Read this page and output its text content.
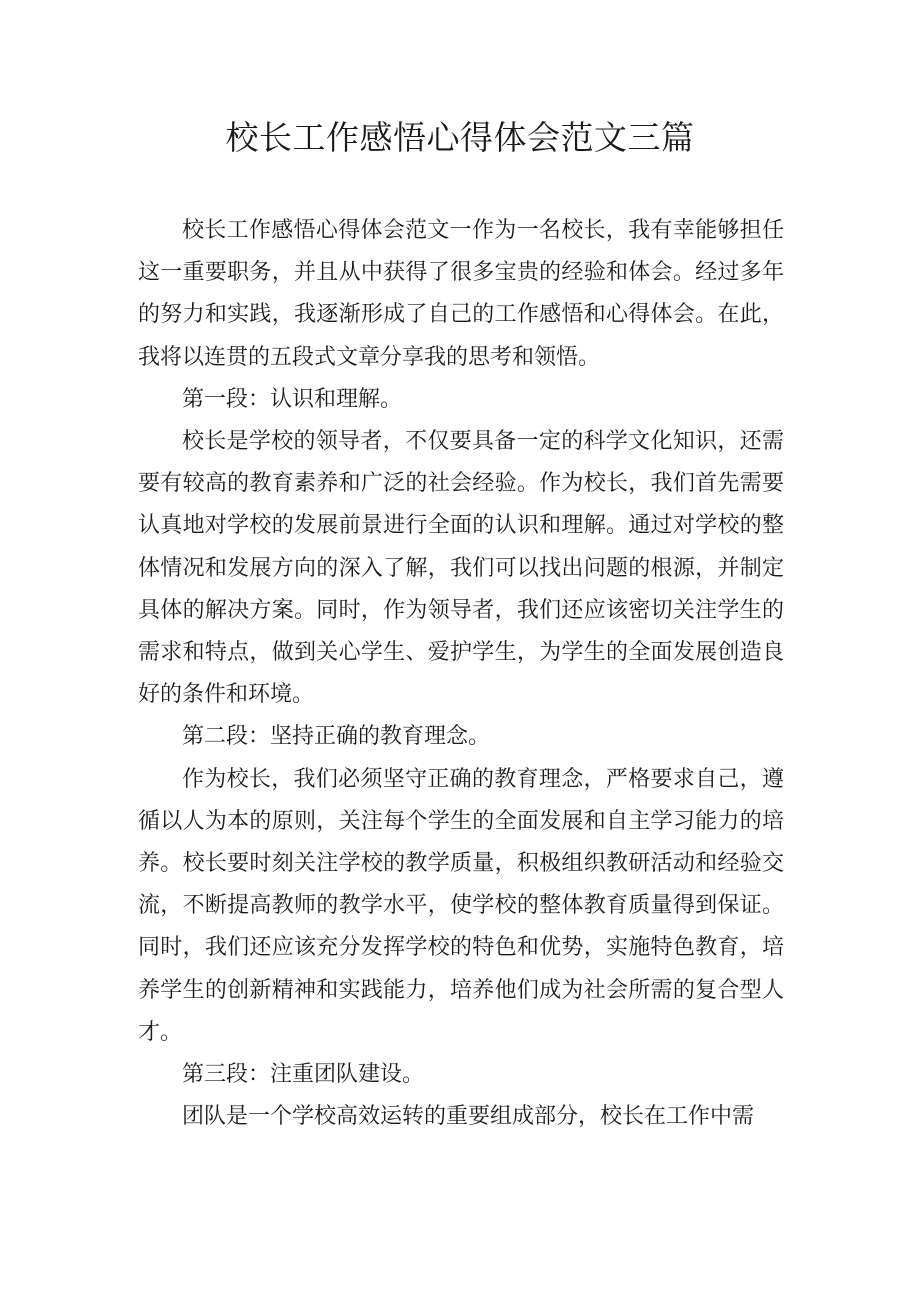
校长工作感悟心得体会范文三篇

校长工作感悟心得体会范文一作为一名校长，我有幸能够担任这一重要职务，并且从中获得了很多宝贵的经验和体会。经过多年的努力和实践，我逐渐形成了自己的工作感悟和心得体会。在此，我将以连贯的五段式文章分享我的思考和领悟。

第一段：认识和理解。

校长是学校的领导者，不仅要具备一定的科学文化知识，还需要有较高的教育素养和广泛的社会经验。作为校长，我们首先需要认真地对学校的发展前景进行全面的认识和理解。通过对学校的整体情况和发展方向的深入了解，我们可以找出问题的根源，并制定具体的解决方案。同时，作为领导者，我们还应该密切关注学生的需求和特点，做到关心学生、爱护学生，为学生的全面发展创造良好的条件和环境。

第二段：坚持正确的教育理念。

作为校长，我们必须坚守正确的教育理念，严格要求自己，遵循以人为本的原则，关注每个学生的全面发展和自主学习能力的培养。校长要时刻关注学校的教学质量，积极组织教研活动和经验交流，不断提高教师的教学水平，使学校的整体教育质量得到保证。同时，我们还应该充分发挥学校的特色和优势，实施特色教育，培养学生的创新精神和实践能力，培养他们成为社会所需的复合型人才。

第三段：注重团队建设。

团队是一个学校高效运转的重要组成部分，校长在工作中需
